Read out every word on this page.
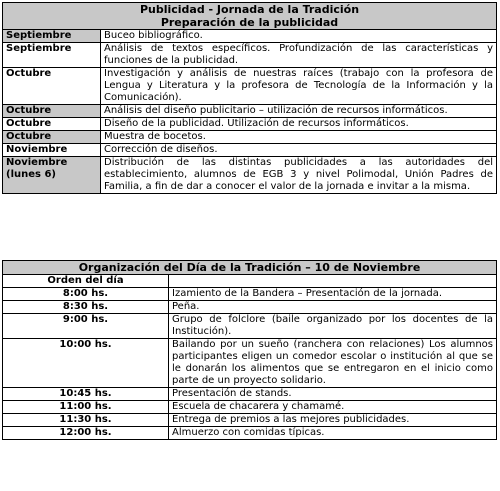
Publicidad - Jornada de la Tradición
Preparación de la publicidad	

Septiembre	Buceo bibliográfico.
Septiembre	Análisis de textos específicos. Profundización de las características y funciones de la publicidad.
Octubre	Investigación y análisis de nuestras raíces (trabajo con la profesora de Lengua y Literatura y la profesora de Tecnología de la Información y la Comunicación).
Octubre	Análisis del diseño publicitario – utilización de recursos informáticos.
Octubre	Diseño de la publicidad. Utilización de recursos informáticos.
Octubre	Muestra de bocetos.
Noviembre	Corrección de diseños.

Noviembre
(lunes 6)	Distribución de las distintas publicidades a las autoridades del establecimiento, alumnos de EGB 3 y nivel Polimodal, Unión Padres de Familia, a fin de dar a conocer el valor de la jornada e invitar a la misma.
Organización del Día de la Tradición – 10 de Noviembre	
Orden del día	
8:00 hs.	Izamiento de la Bandera – Presentación de la jornada.
8:30 hs.	Peña.
9:00 hs.	Grupo de folclore (baile organizado por los docentes de la Institución).
10:00 hs.	Bailando por un sueño (ranchera con relaciones) Los alumnos participantes eligen un comedor escolar o institución al que se le donarán los alimentos que se entregaron en el inicio como parte de un proyecto solidario.
10:45 hs.	Presentación de stands.
11:00 hs.	Escuela de chacarera y chamamé.
11:30 hs.	Entrega de premios a las mejores publicidades.
12:00 hs.	Almuerzo con comidas típicas.
